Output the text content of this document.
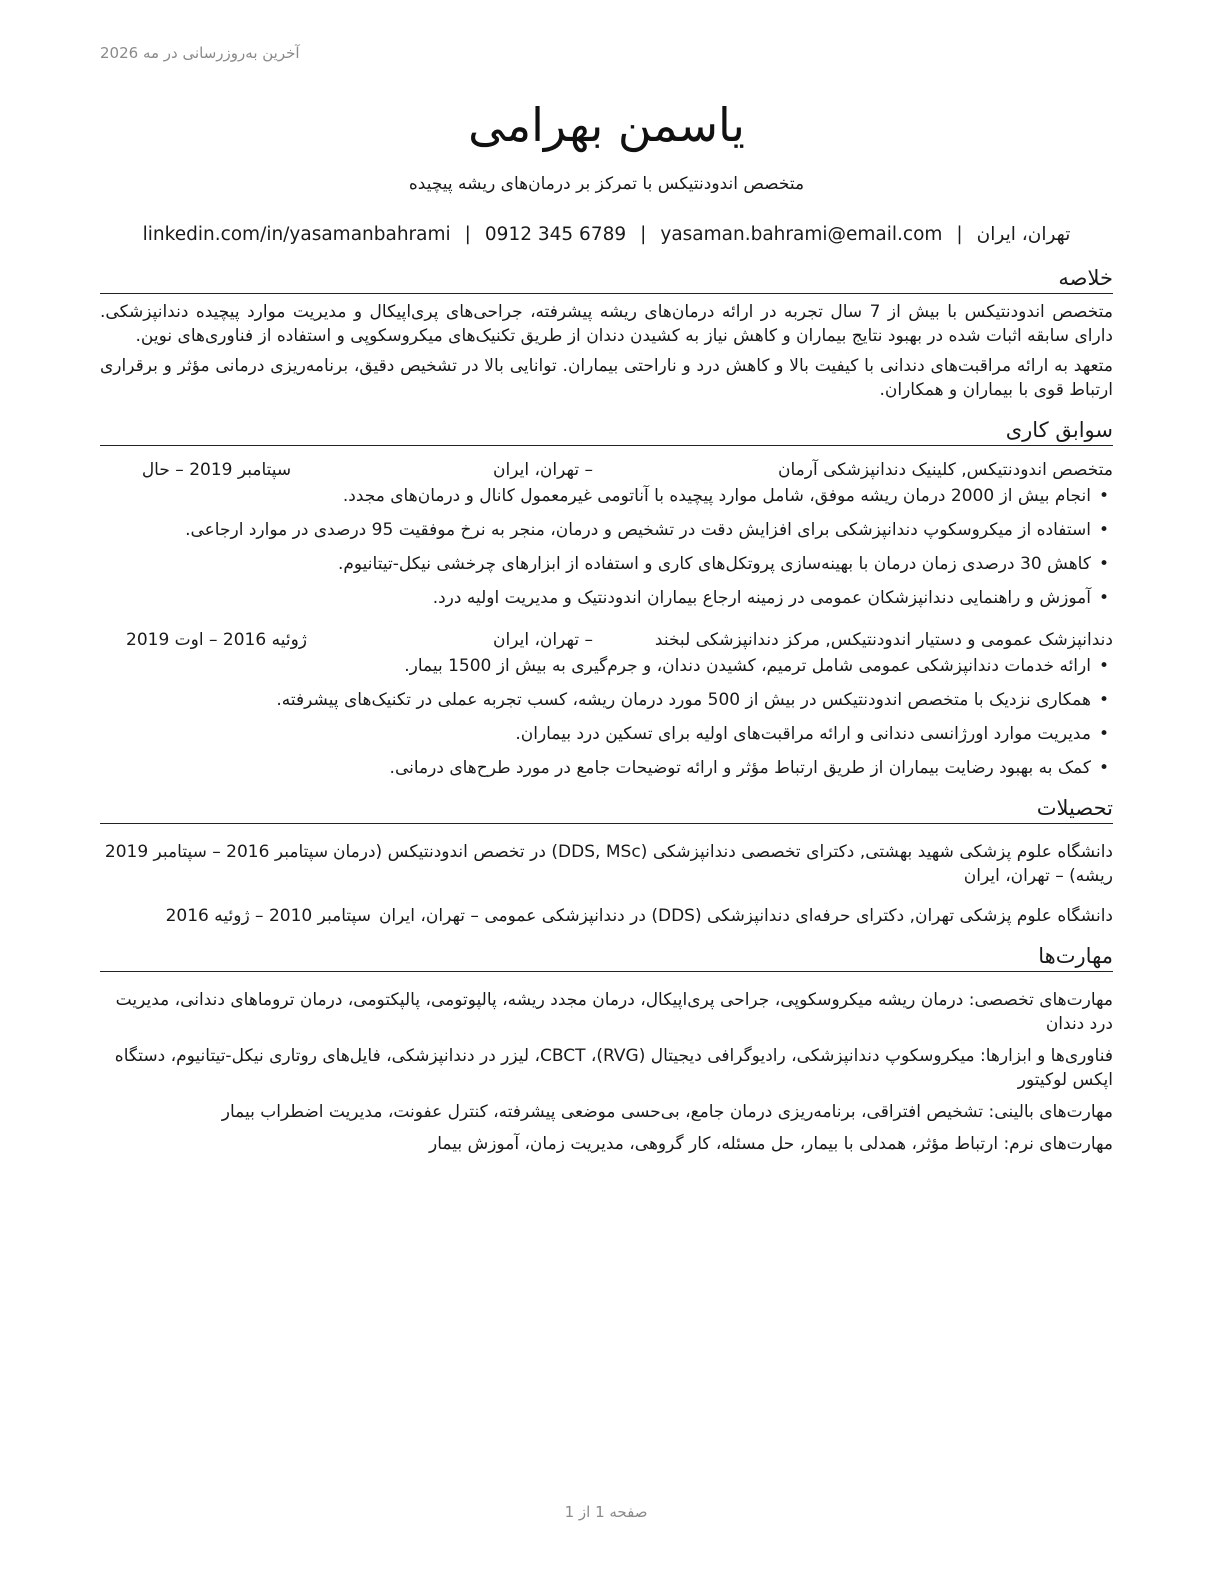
آخرین به‌روزرسانی در مه 2026
یاسمن بهرامی
متخصص اندودنتیکس با تمرکز بر درمان‌های ریشه پیچیده
linkedin.com/in/yasamanbahrami | 0912 345 6789 | yasaman.bahrami@email.com | تهران، ایران
خلاصه

متخصص اندودنتیکس با بیش از 7 سال تجربه در ارائه درمان‌های ریشه پیشرفته، جراحی‌های پری‌اپیکال و مدیریت موارد پیچیده دندانپزشکی. دارای سابقه اثبات شده در بهبود نتایج بیماران و کاهش نیاز به کشیدن دندان از طریق تکنیک‌های میکروسکوپی و استفاده از فناوری‌های نوین.

متعهد به ارائه مراقبت‌های دندانی با کیفیت بالا و کاهش درد و ناراحتی بیماران. توانایی بالا در تشخیص دقیق، برنامه‌ریزی درمانی مؤثر و برقراری ارتباط قوی با بیماران و همکاران.

سوابق کاری
متخصص اندودنتیکس, کلینیک دندانپزشکی آرمان
– تهران، ایران
سپتامبر 2019 – حال
• انجام بیش از 2000 درمان ریشه موفق، شامل موارد پیچیده با آناتومی غیرمعمول کانال و درمان‌های مجدد.
• استفاده از میکروسکوپ دندانپزشکی برای افزایش دقت در تشخیص و درمان، منجر به نرخ موفقیت 95 درصدی در موارد ارجاعی.
• کاهش 30 درصدی زمان درمان با بهینه‌سازی پروتکل‌های کاری و استفاده از ابزارهای چرخشی نیکل-تیتانیوم.
• آموزش و راهنمایی دندانپزشکان عمومی در زمینه ارجاع بیماران اندودنتیک و مدیریت اولیه درد.
دندانپزشک عمومی و دستیار اندودنتیکس, مرکز دندانپزشکی لبخند
– تهران، ایران
ژوئیه 2016 – اوت 2019
• ارائه خدمات دندانپزشکی عمومی شامل ترمیم، کشیدن دندان، و جرم‌گیری به بیش از 1500 بیمار.
• همکاری نزدیک با متخصص اندودنتیکس در بیش از 500 مورد درمان ریشه، کسب تجربه عملی در تکنیک‌های پیشرفته.
• مدیریت موارد اورژانسی دندانی و ارائه مراقبت‌های اولیه برای تسکین درد بیماران.
• کمک به بهبود رضایت بیماران از طریق ارتباط مؤثر و ارائه توضیحات جامع در مورد طرح‌های درمانی.
تحصیلات
دانشگاه علوم پزشکی شهید بهشتی, دکترای تخصصی دندانپزشکی (DDS, MSc) در تخصص اندودنتیکس (درمان ریشه) – تهران، ایران
سپتامبر 2016 – سپتامبر 2019
دانشگاه علوم پزشکی تهران, دکترای حرفه‌ای دندانپزشکی (DDS) در دندانپزشکی عمومی – تهران، ایران
سپتامبر 2010 – ژوئیه 2016
مهارت‌ها
مهارت‌های تخصصی: درمان ریشه میکروسکوپی، جراحی پری‌اپیکال، درمان مجدد ریشه، پالپوتومی، پالپکتومی، درمان تروماهای دندانی، مدیریت درد دندان
فناوری‌ها و ابزارها: میکروسکوپ دندانپزشکی، رادیوگرافی دیجیتال (RVG)، CBCT، لیزر در دندانپزشکی، فایل‌های روتاری نیکل-تیتانیوم، دستگاه اپکس لوکیتور
مهارت‌های بالینی: تشخیص افتراقی، برنامه‌ریزی درمان جامع، بی‌حسی موضعی پیشرفته، کنترل عفونت، مدیریت اضطراب بیمار
مهارت‌های نرم: ارتباط مؤثر، همدلی با بیمار، حل مسئله، کار گروهی، مدیریت زمان، آموزش بیمار
صفحه 1 از 1
